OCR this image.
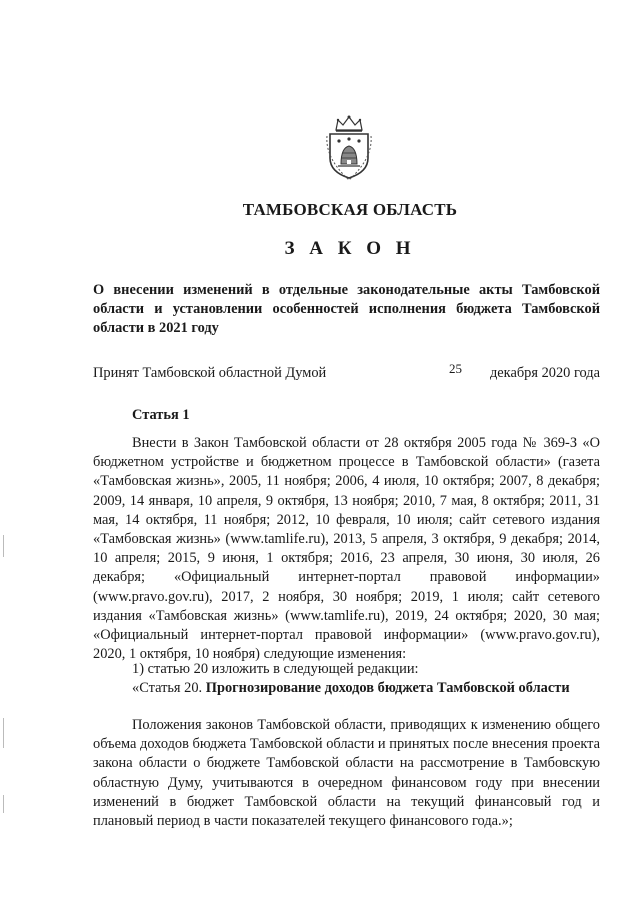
ТАМБОВСКАЯ ОБЛАСТЬ
З А К О Н
О внесении изменений в отдельные законодательные акты Тамбовской области и установлении особенностей исполнения бюджета Тамбовской области в 2021 году
Принят Тамбовской областной Думой	25 декабря 2020 года
Статья 1
Внести в Закон Тамбовской области от 28 октября 2005 года № 369-З «О бюджетном устройстве и бюджетном процессе в Тамбовской области» (газета «Тамбовская жизнь», 2005, 11 ноября; 2006, 4 июля, 10 октября; 2007, 8 декабря; 2009, 14 января, 10 апреля, 9 октября, 13 ноября; 2010, 7 мая, 8 октября; 2011, 31 мая, 14 октября, 11 ноября; 2012, 10 февраля, 10 июля; сайт сетевого издания «Тамбовская жизнь» (www.tamlife.ru), 2013, 5 апреля, 3 октября, 9 декабря; 2014, 10 апреля; 2015, 9 июня, 1 октября; 2016, 23 апреля, 30 июня, 30 июля, 26 декабря; «Официальный интернет-портал правовой информации» (www.pravo.gov.ru), 2017, 2 ноября, 30 ноября; 2019, 1 июля; сайт сетевого издания «Тамбовская жизнь» (www.tamlife.ru), 2019, 24 октября; 2020, 30 мая; «Официальный интернет-портал правовой информации» (www.pravo.gov.ru), 2020, 1 октября, 10 ноября) следующие изменения:
1) статью 20 изложить в следующей редакции:
«Статья 20. Прогнозирование доходов бюджета Тамбовской области
Положения законов Тамбовской области, приводящих к изменению общего объема доходов бюджета Тамбовской области и принятых после внесения проекта закона области о бюджете Тамбовской области на рассмотрение в Тамбовскую областную Думу, учитываются в очередном финансовом году при внесении изменений в бюджет Тамбовской области на текущий финансовый год и плановый период в части показателей текущего финансового года.»;
